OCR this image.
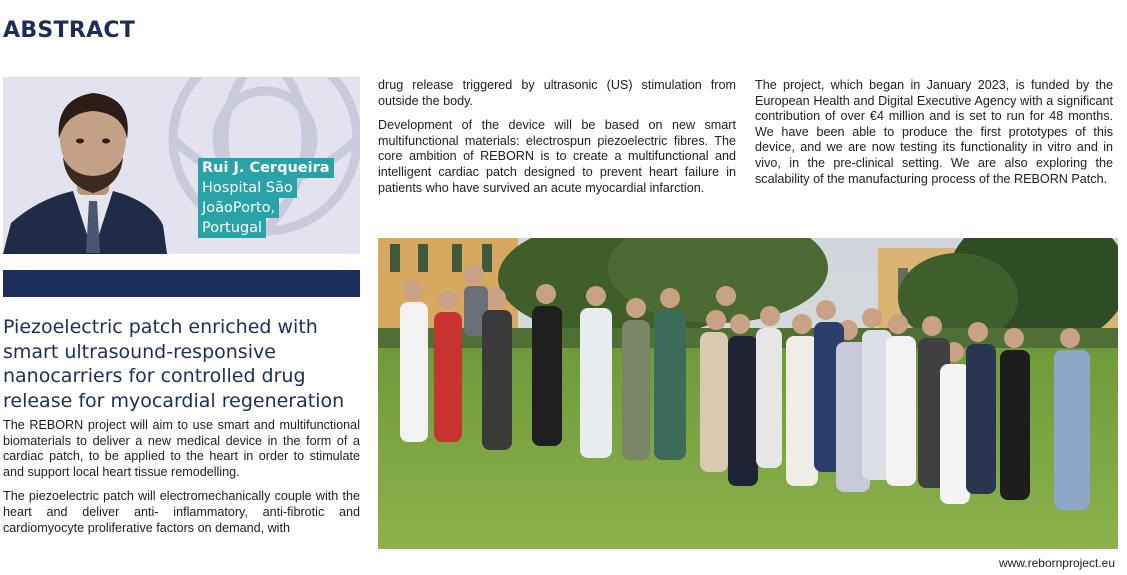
ABSTRACT
Rui J. Cerqueira
Hospital São
JoãoPorto,
Portugal
Piezoelectric patch enriched with smart ultrasound-responsive nanocarriers for controlled drug release for myocardial regeneration

The REBORN project will aim to use smart and multifunctional biomaterials to deliver a new medical device in the form of a cardiac patch, to be applied to the heart in order to stimulate and support local heart tissue remodelling.

The piezoelectric patch will electromechanically couple with the heart and deliver anti- inflammatory, anti-fibrotic and cardiomyocyte proliferative factors on demand, with

drug release triggered by ultrasonic (US) stimulation from outside the body.

Development of the device will be based on new smart multifunctional materials: electrospun piezoelectric fibres. The core ambition of REBORN is to create a multifunctional and intelligent cardiac patch designed to prevent heart failure in patients who have survived an acute myocardial infarction.

The project, which began in January 2023, is funded by the European Health and Digital Executive Agency with a significant contribution of over €4 million and is set to run for 48 months. We have been able to produce the first prototypes of this device, and we are now testing its functionality in vitro and in vivo, in the pre-clinical setting. We are also exploring the scalability of the manufacturing process of the REBORN Patch.

www.rebornproject.eu
